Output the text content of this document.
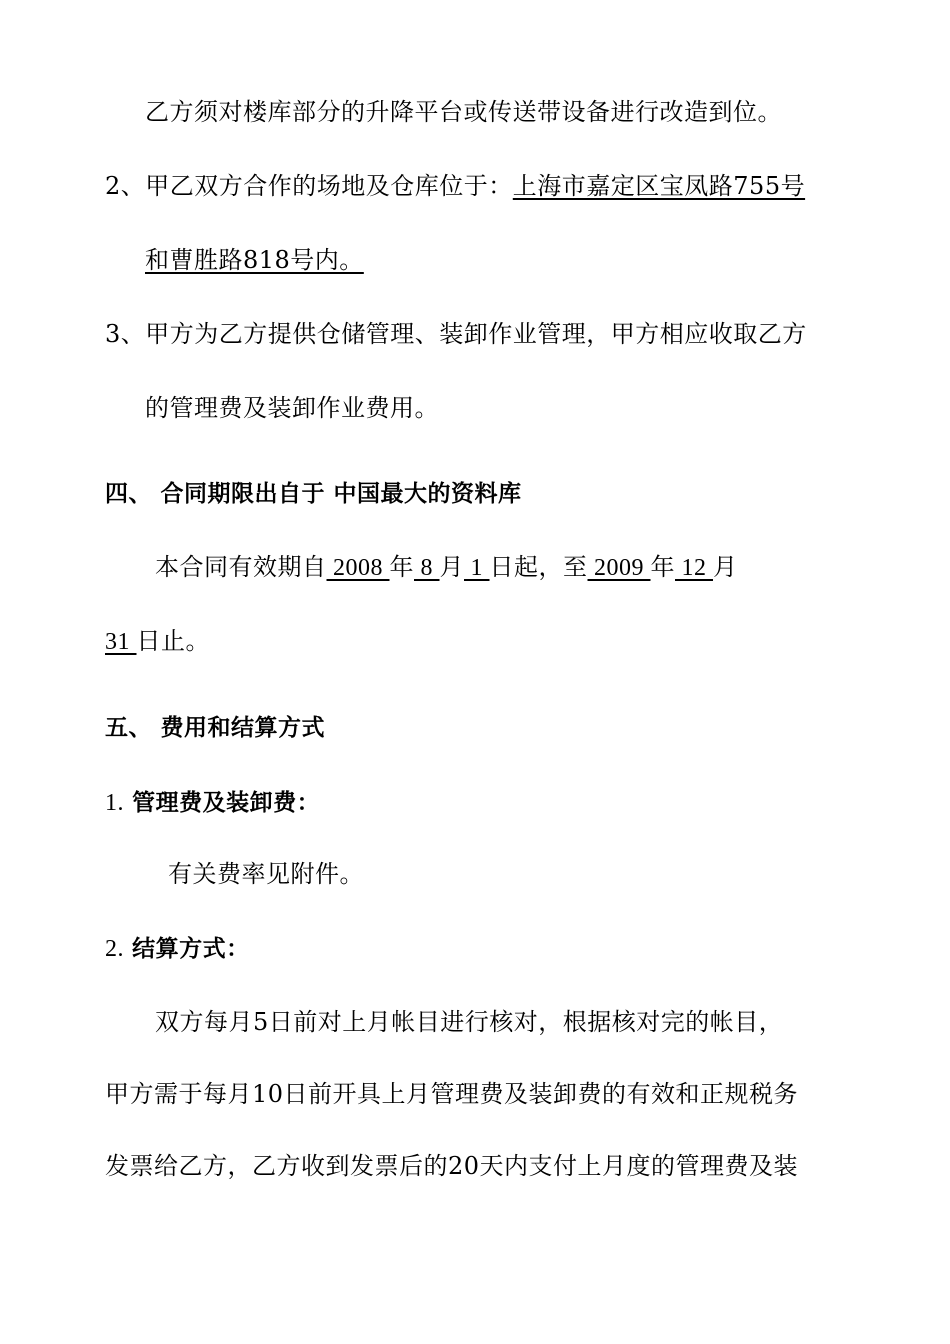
乙方须对楼库部分的升降平台或传送带设备进行改造到位。
2、甲乙双方合作的场地及仓库位于：上海市嘉定区宝凤路755号
和曹胜路818号内。
3、甲方为乙方提供仓储管理、装卸作业管理，甲方相应收取乙方
的管理费及装卸作业费用。
四、 合同期限出自于 中国最大的资料库
本合同有效期自 2008 年 8 月 1 日起，至 2009 年 12 月
31 日止。
五、 费用和结算方式
1. 管理费及装卸费：
有关费率见附件。
2. 结算方式：
双方每月5日前对上月帐目进行核对，根据核对完的帐目，
甲方需于每月10日前开具上月管理费及装卸费的有效和正规税务
发票给乙方，乙方收到发票后的20天内支付上月度的管理费及装
